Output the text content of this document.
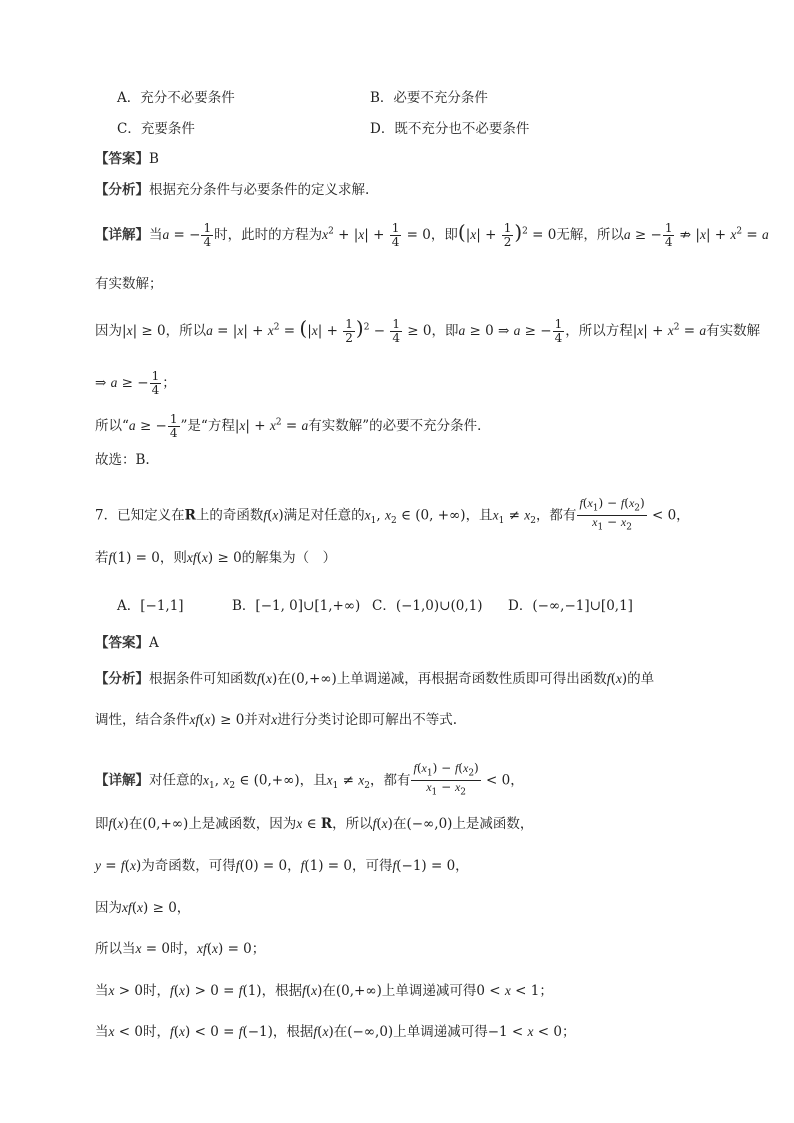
A．充分不必要条件	B．必要不充分条件
C．充要条件	D．既不充分也不必要条件
【答案】B
【分析】根据充分条件与必要条件的定义求解.
【详解】当a = − $\frac{1}{4}$ 时，此时的方程为$x^2 + |x| + \frac{1}{4} = 0$，即$(|x| + \frac{1}{2} )^2 = 0$无解，所以a ≥ − $\frac{1}{4}$ ⇏ $|x| + x^2 = a$
有实数解；
因为|x| ≥ 0，所以$a = |x| + x^2 = (|x| + \frac{1}{2} )^2 - \frac{1}{4} \ge 0$，即a ≥ 0 ⇒ a ≥ − $\frac{1}{4}$ ，所以方程$|x| + x^2 = a$有实数解
⇒ a ≥ − $\frac{1}{4}$ ；
所以“a ≥ − $\frac{1}{4}$ ”是“方程$|x| + x^2 = a$有实数解”的必要不充分条件．
故选：B.
7．已知定义在R上的奇函数f(x)满足对任意的$x_1$, $x_2$ ∈ (0, +∞)，且$x_1 \ne x_2$，都有 $\frac{f(x_1) - f(x_2)}{x_1 - x_2} < 0$，
若f(1) = 0，则xf(x) ≥ 0的解集为（　）
A．[−1,1]	B．[−1, 0]∪[1,+∞) C．(−1,0)∪(0,1) D．(−∞,−1]∪[0,1]
【答案】A
【分析】根据条件可知函数f(x)在(0,+∞)上单调递减，再根据奇函数性质即可得出函数f(x)的单
调性，结合条件xf(x) ≥ 0并对x进行分类讨论即可解出不等式.
【详解】对任意的$x_1$, $x_2$ ∈ (0,+∞)，且$x_1 \ne x_2$，都有 $\frac{f(x_1) - f(x_2)}{x_1 - x_2} < 0$，
即f(x)在(0,+∞)上是减函数，因为x ∈ R，所以f(x)在(−∞,0)上是减函数，
y = f(x)为奇函数，可得f(0) = 0，f(1) = 0，可得f(−1) = 0，
因为xf(x) ≥ 0，
所以当x = 0时，xf(x) = 0；
当x > 0时，f(x) > 0 = f(1)，根据f(x)在(0,+∞)上单调递减可得0 < x < 1；
当x < 0时，f(x) < 0 = f(−1)，根据f(x)在(−∞,0)上单调递减可得−1 < x < 0；
